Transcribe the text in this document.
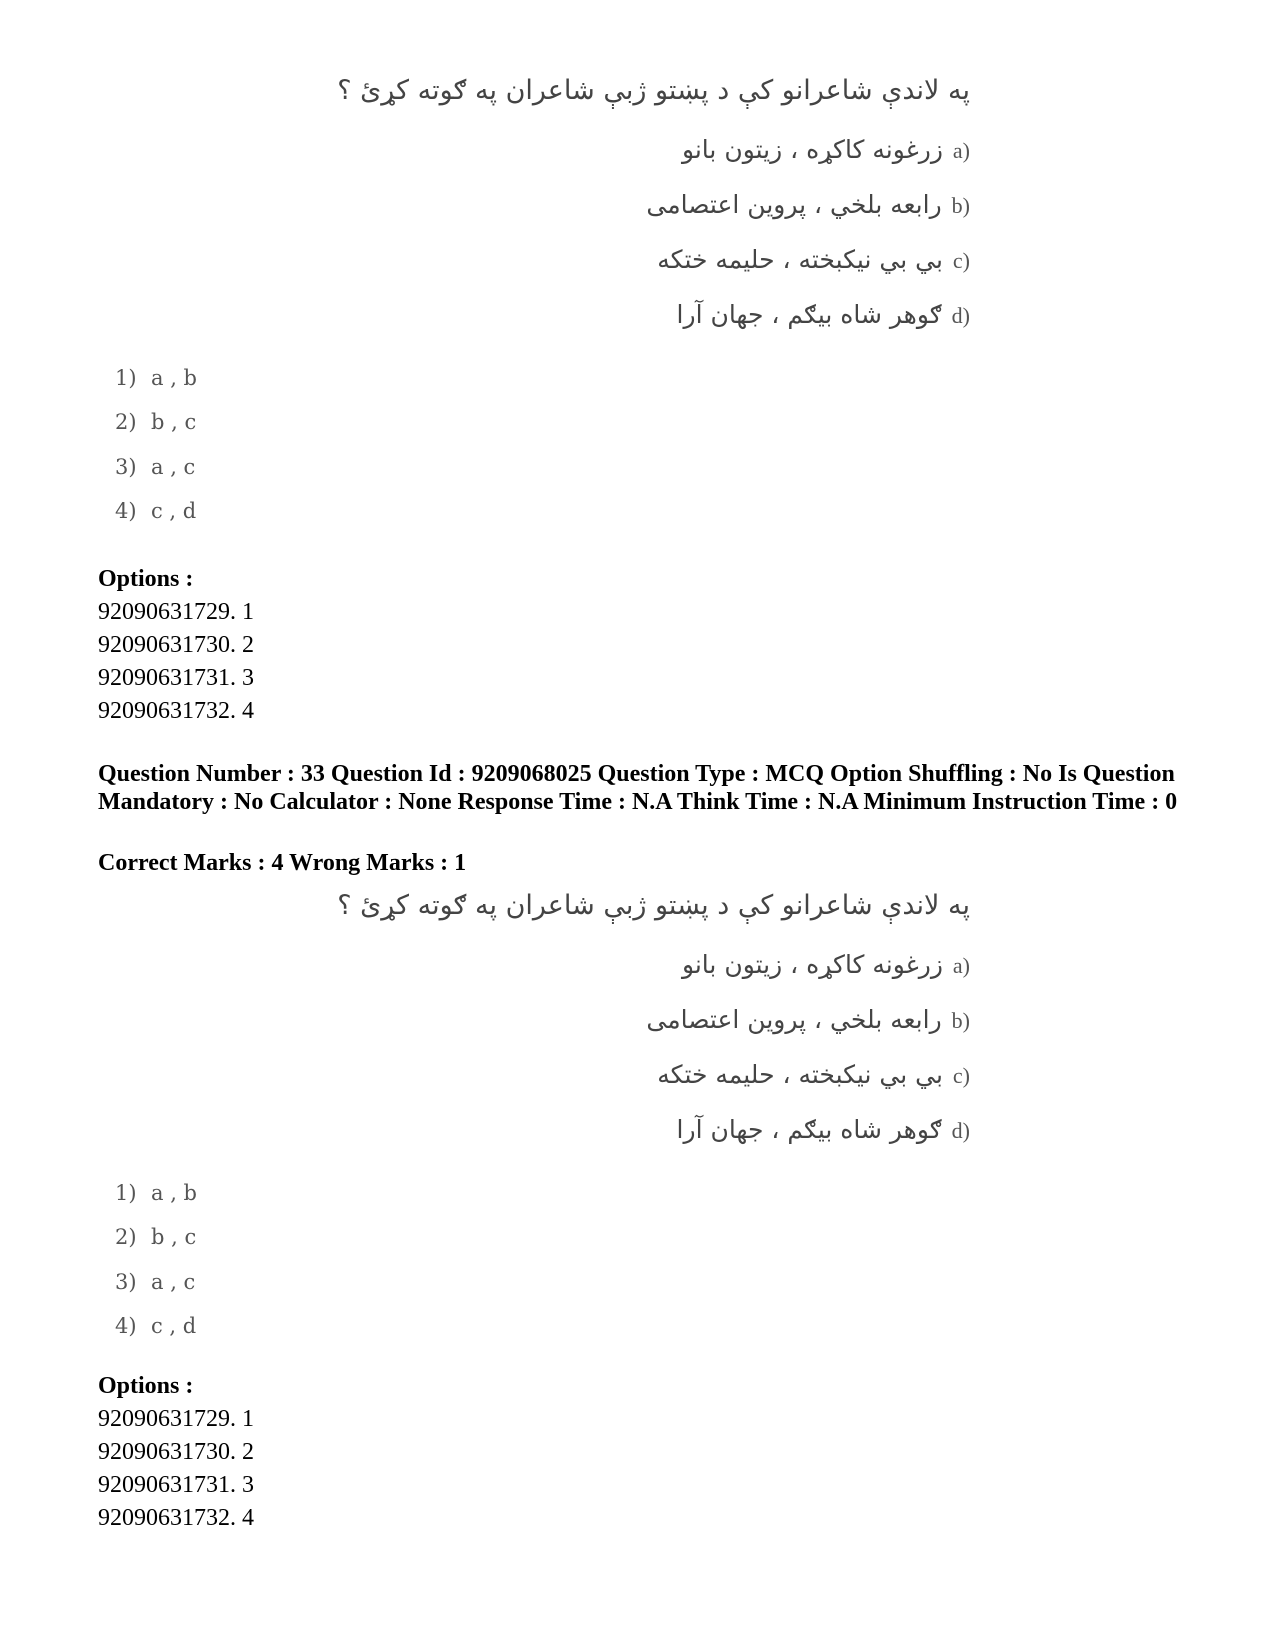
په لاندې شاعرانو کې د پښتو ژبې شاعران په ګوته کړئ ؟
زرغونه کاکړه ، زيتون بانو a)
رابعه بلخي ، پروين اعتصامی b)
بي بي نيکبخته ، حليمه ختکه c)
ګوهر شاه بيګم ، جهان آرا d)
1) a , b
2) b , c
3) a , c
4) c , d
Options :
92090631729. 1
92090631730. 2
92090631731. 3
92090631732. 4
Question Number : 33 Question Id : 9209068025 Question Type : MCQ Option Shuffling : No Is Question Mandatory : No Calculator : None Response Time : N.A Think Time : N.A Minimum Instruction Time : 0
Correct Marks : 4 Wrong Marks : 1
په لاندې شاعرانو کې د پښتو ژبې شاعران په ګوته کړئ ؟
زرغونه کاکړه ، زيتون بانو a)
رابعه بلخي ، پروين اعتصامی b)
بي بي نيکبخته ، حليمه ختکه c)
ګوهر شاه بيګم ، جهان آرا d)
1) a , b
2) b , c
3) a , c
4) c , d
Options :
92090631729. 1
92090631730. 2
92090631731. 3
92090631732. 4
